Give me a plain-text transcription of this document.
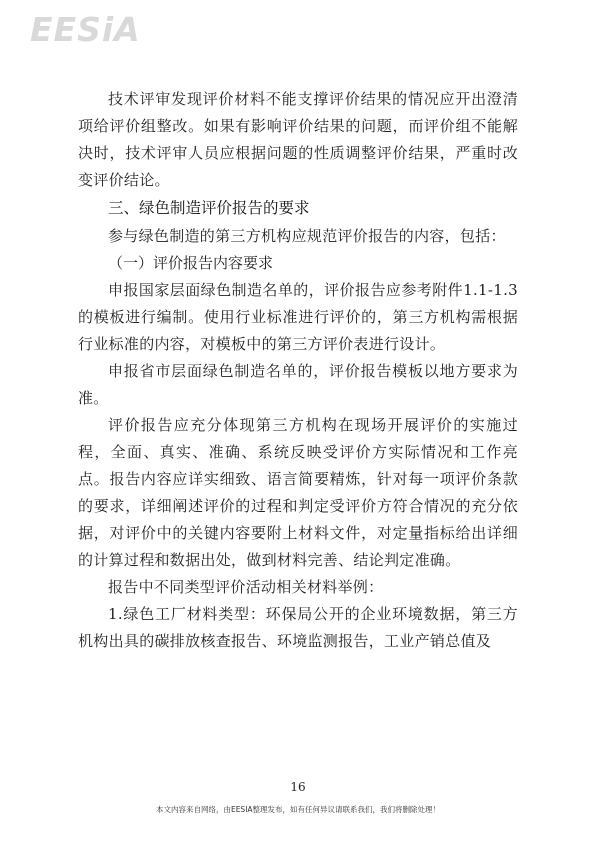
EESiA

技术评审发现评价材料不能支撑评价结果的情况应开出澄清项给评价组整改。如果有影响评价结果的问题，而评价组不能解决时，技术评审人员应根据问题的性质调整评价结果，严重时改变评价结论。

三、绿色制造评价报告的要求

参与绿色制造的第三方机构应规范评价报告的内容，包括：

（一）评价报告内容要求

申报国家层面绿色制造名单的，评价报告应参考附件1.1-1.3的模板进行编制。使用行业标准进行评价的，第三方机构需根据行业标准的内容，对模板中的第三方评价表进行设计。

申报省市层面绿色制造名单的，评价报告模板以地方要求为准。

评价报告应充分体现第三方机构在现场开展评价的实施过程，全面、真实、准确、系统反映受评价方实际情况和工作亮点。报告内容应详实细致、语言简要精炼，针对每一项评价条款的要求，详细阐述评价的过程和判定受评价方符合情况的充分依据，对评价中的关键内容要附上材料文件，对定量指标给出详细的计算过程和数据出处，做到材料完善、结论判定准确。

报告中不同类型评价活动相关材料举例：

1.绿色工厂材料类型：环保局公开的企业环境数据，第三方机构出具的碳排放核查报告、环境监测报告，工业产销总值及

16
本文内容来自网络，由EESIA整理发布，如有任何异议请联系我们，我们将删除处理！
